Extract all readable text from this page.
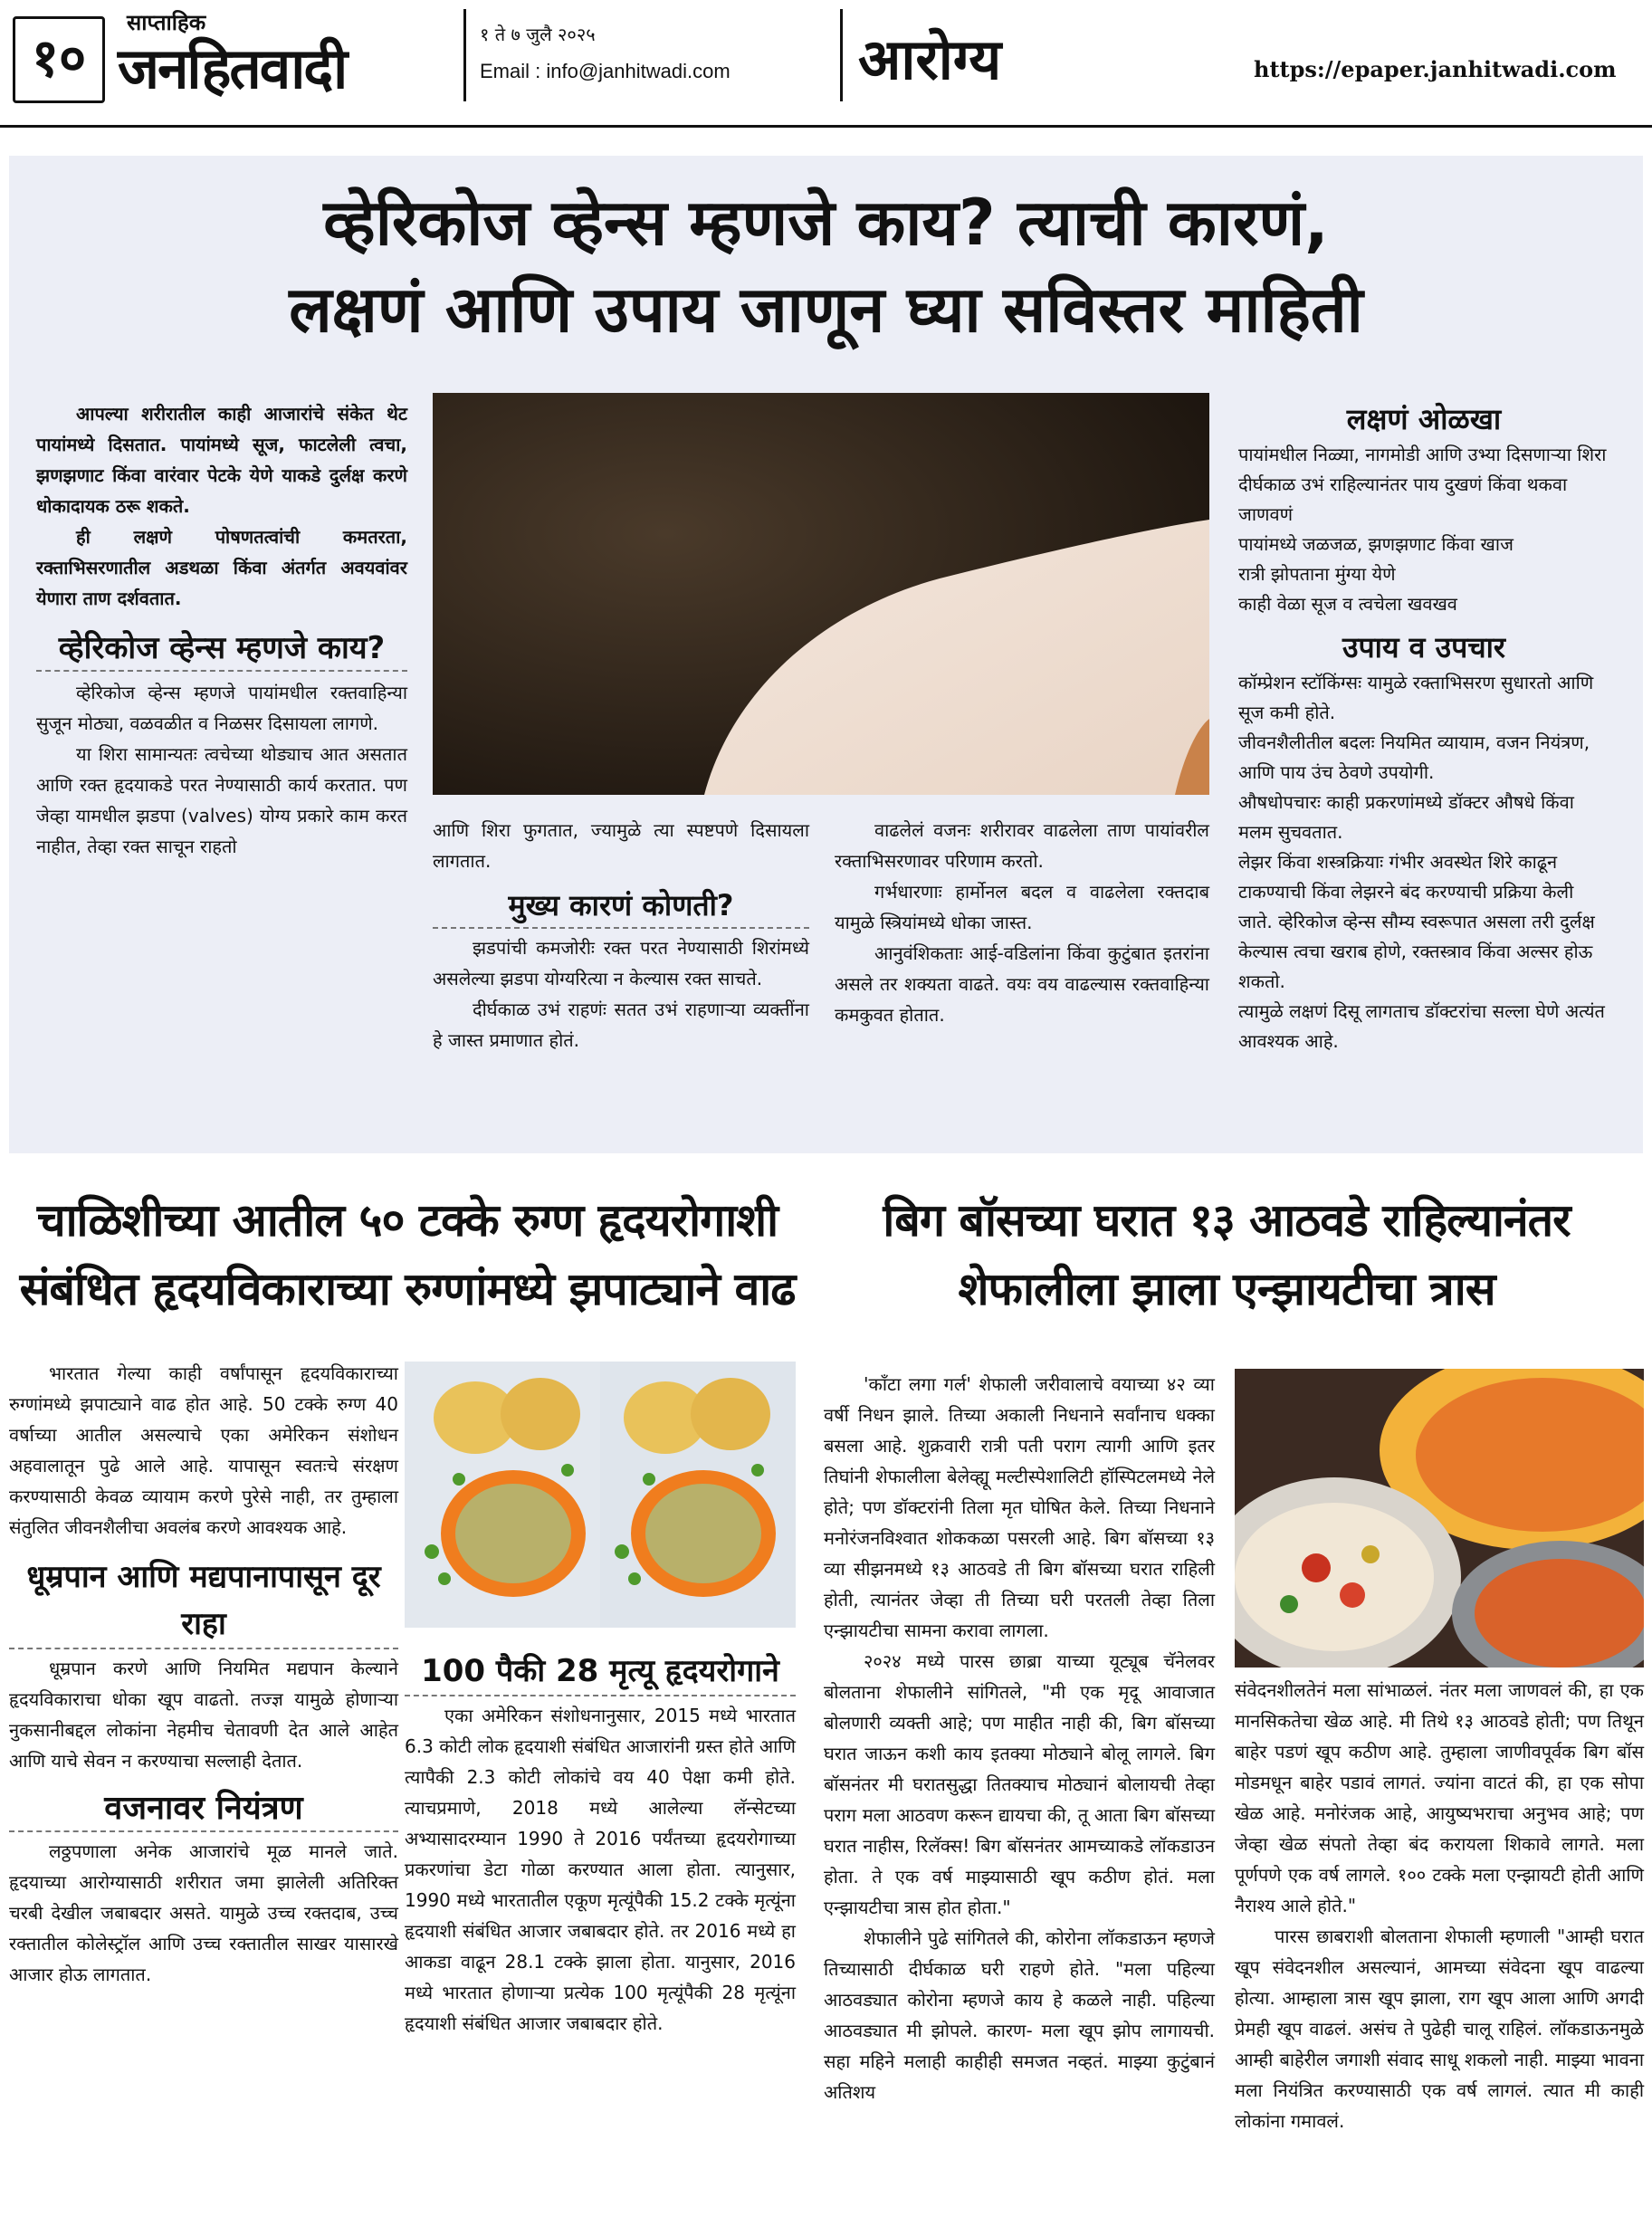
१०
साप्ताहिक
जनहितवादी
१ ते ७ जुलै २०२५
Email : info@janhitwadi.com आरोग्य	https://epaper.janhitwadi.com
व्हेरिकोज व्हेन्स म्हणजे काय? त्याची कारणं,
लक्षणं आणि उपाय जाणून घ्या सविस्तर माहिती

आपल्या शरीरातील काही आजारांचे संकेत थेट पायांमध्ये दिसतात. पायांमध्ये सूज, फाटलेली त्वचा, झणझणाट किंवा वारंवार पेटके येणे याकडे दुर्लक्ष करणे धोकादायक ठरू शकते.

ही लक्षणे पोषणतत्वांची कमतरता, रक्ताभिसरणातील अडथळा किंवा अंतर्गत अवयवांवर येणारा ताण दर्शवतात.

व्हेरिकोज व्हेन्स म्हणजे काय?

व्हेरिकोज व्हेन्स म्हणजे पायांमधील रक्तवाहिन्या सुजून मोठ्या, वळवळीत व निळसर दिसायला लागणे.

या शिरा सामान्यतः त्वचेच्या थोड्याच आत असतात आणि रक्त हृदयाकडे परत नेण्यासाठी कार्य करतात. पण जेव्हा यामधील झडपा (valves) योग्य प्रकारे काम करत नाहीत, तेव्हा रक्त साचून राहतो

आणि शिरा फुगतात, ज्यामुळे त्या स्पष्टपणे दिसायला लागतात.

मुख्य कारणं कोणती?

झडपांची कमजोरीः रक्त परत नेण्यासाठी शिरांमध्ये असलेल्या झडपा योग्यरित्या न केल्यास रक्त साचते.

दीर्घकाळ उभं राहणंः सतत उभं राहणाऱ्या व्यक्तींना हे जास्त प्रमाणात होतं.

वाढलेलं वजनः शरीरावर वाढलेला ताण पायांवरील रक्ताभिसरणावर परिणाम करतो.

गर्भधारणाः हार्मोनल बदल व वाढलेला रक्तदाब यामुळे स्त्रियांमध्ये धोका जास्त.

आनुवंशिकताः आई-वडिलांना किंवा कुटुंबात इतरांना असले तर शक्यता वाढते. वयः वय वाढल्यास रक्तवाहिन्या कमकुवत होतात.

लक्षणं ओळखा

पायांमधील निळ्या, नागमोडी आणि उभ्या दिसणाऱ्या शिरा

दीर्घकाळ उभं राहिल्यानंतर पाय दुखणं किंवा थकवा जाणवणं

पायांमध्ये जळजळ, झणझणाट किंवा खाज

रात्री झोपताना मुंग्या येणे

काही वेळा सूज व त्वचेला खवखव

उपाय व उपचार

कॉम्प्रेशन स्टॉकिंग्सः यामुळे रक्ताभिसरण सुधारतो आणि सूज कमी होते.

जीवनशैलीतील बदलः नियमित व्यायाम, वजन नियंत्रण, आणि पाय उंच ठेवणे उपयोगी.

औषधोपचारः काही प्रकरणांमध्ये डॉक्टर औषधे किंवा मलम सुचवतात.

लेझर किंवा शस्त्रक्रियाः गंभीर अवस्थेत शिरे काढून टाकण्याची किंवा लेझरने बंद करण्याची प्रक्रिया केली जाते. व्हेरिकोज व्हेन्स सौम्य स्वरूपात असला तरी दुर्लक्ष केल्यास त्वचा खराब होणे, रक्तस्त्राव किंवा अल्सर होऊ शकतो.

त्यामुळे लक्षणं दिसू लागताच डॉक्टरांचा सल्ला घेणे अत्यंत आवश्यक आहे.

चाळिशीच्या आतील ५० टक्के रुग्ण हृदयरोगाशी
संबंधित हृदयविकाराच्या रुग्णांमध्ये झपाट्याने वाढ

भारतात गेल्या काही वर्षांपासून हृदयविकाराच्या रुग्णांमध्ये झपाट्याने वाढ होत आहे. 50 टक्के रुग्ण 40 वर्षाच्या आतील असल्याचे एका अमेरिकन संशोधन अहवालातून पुढे आले आहे. यापासून स्वतःचे संरक्षण करण्यासाठी केवळ व्यायाम करणे पुरेसे नाही, तर तुम्हाला संतुलित जीवनशैलीचा अवलंब करणे आवश्यक आहे.

धूम्रपान आणि मद्यपानापासून दूर राहा

धूम्रपान करणे आणि नियमित मद्यपान केल्याने हृदयविकाराचा धोका खूप वाढतो. तज्ज्ञ यामुळे होणाऱ्या नुकसानीबद्दल लोकांना नेहमीच चेतावणी देत आले आहेत आणि याचे सेवन न करण्याचा सल्लाही देतात.

वजनावर नियंत्रण

लठ्ठपणाला अनेक आजारांचे मूळ मानले जाते. हृदयाच्या आरोग्यासाठी शरीरात जमा झालेली अतिरिक्त चरबी देखील जबाबदार असते. यामुळे उच्च रक्तदाब, उच्च रक्तातील कोलेस्ट्रॉल आणि उच्च रक्तातील साखर यासारखे आजार होऊ लागतात.

100 पैकी 28 मृत्यू हृदयरोगाने

एका अमेरिकन संशोधनानुसार, 2015 मध्ये भारतात 6.3 कोटी लोक हृदयाशी संबंधित आजारांनी ग्रस्त होते आणि त्यापैकी 2.3 कोटी लोकांचे वय 40 पेक्षा कमी होते. त्याचप्रमाणे, 2018 मध्ये आलेल्या लॅन्सेटच्या अभ्यासादरम्यान 1990 ते 2016 पर्यंतच्या हृदयरोगाच्या प्रकरणांचा डेटा गोळा करण्यात आला होता. त्यानुसार, 1990 मध्ये भारतातील एकूण मृत्यूंपैकी 15.2 टक्के मृत्यूंना हृदयाशी संबंधित आजार जबाबदार होते. तर 2016 मध्ये हा आकडा वाढून 28.1 टक्के झाला होता. यानुसार, 2016 मध्ये भारतात होणाऱ्या प्रत्येक 100 मृत्यूंपैकी 28 मृत्यूंना हृदयाशी संबंधित आजार जबाबदार होते.

बिग बॉसच्या घरात १३ आठवडे राहिल्यानंतर
शेफालीला झाला एन्झायटीचा त्रास

'काँटा लगा गर्ल' शेफाली जरीवालाचे वयाच्या ४२ व्या वर्षी निधन झाले. तिच्या अकाली निधनाने सर्वांनाच धक्का बसला आहे. शुक्रवारी रात्री पती पराग त्यागी आणि इतर तिघांनी शेफालीला बेलेव्ह्यू मल्टीस्पेशालिटी हॉस्पिटलमध्ये नेले होते; पण डॉक्टरांनी तिला मृत घोषित केले. तिच्या निधनाने मनोरंजनविश्वात शोककळा पसरली आहे. बिग बॉसच्या १३ व्या सीझनमध्ये १३ आठवडे ती बिग बॉसच्या घरात राहिली होती, त्यानंतर जेव्हा ती तिच्या घरी परतली तेव्हा तिला एन्झायटीचा सामना करावा लागला.

२०२४ मध्ये पारस छाब्रा याच्या यूट्यूब चॅनेलवर बोलताना शेफालीने सांगितले, "मी एक मृदू आवाजात बोलणारी व्यक्ती आहे; पण माहीत नाही की, बिग बॉसच्या घरात जाऊन कशी काय इतक्या मोठ्याने बोलू लागले. बिग बॉसनंतर मी घरातसुद्धा तितक्याच मोठ्यानं बोलायची तेव्हा पराग मला आठवण करून द्यायचा की, तू आता बिग बॉसच्या घरात नाहीस, रिलॅक्स! बिग बॉसनंतर आमच्याकडे लॉकडाउन होता. ते एक वर्ष माझ्यासाठी खूप कठीण होतं. मला एन्झायटीचा त्रास होत होता."

शेफालीने पुढे सांगितले की, कोरोना लॉकडाऊन म्हणजे तिच्यासाठी दीर्घकाळ घरी राहणे होते. "मला पहिल्या आठवड्यात कोरोना म्हणजे काय हे कळले नाही. पहिल्या आठवड्यात मी झोपले. कारण- मला खूप झोप लागायची. सहा महिने मलाही काहीही समजत नव्हतं. माझ्या कुटुंबानं अतिशय

संवेदनशीलतेनं मला सांभाळलं. नंतर मला जाणवलं की, हा एक मानसिकतेचा खेळ आहे. मी तिथे १३ आठवडे होती; पण तिथून बाहेर पडणं खूप कठीण आहे. तुम्हाला जाणीवपूर्वक बिग बॉस मोडमधून बाहेर पडावं लागतं. ज्यांना वाटतं की, हा एक सोपा खेळ आहे. मनोरंजक आहे, आयुष्यभराचा अनुभव आहे; पण जेव्हा खेळ संपतो तेव्हा बंद करायला शिकावे लागते. मला पूर्णपणे एक वर्ष लागले. १०० टक्के मला एन्झायटी होती आणि नैराश्य आले होते."

पारस छाबराशी बोलताना शेफाली म्हणाली "आम्ही घरात खूप संवेदनशील असल्यानं, आमच्या संवेदना खूप वाढल्या होत्या. आम्हाला त्रास खूप झाला, राग खूप आला आणि अगदी प्रेमही खूप वाढलं. असंच ते पुढेही चालू राहिलं. लॉकडाऊनमुळे आम्ही बाहेरील जगाशी संवाद साधू शकलो नाही. माझ्या भावना मला नियंत्रित करण्यासाठी एक वर्ष लागलं. त्यात मी काही लोकांना गमावलं.
